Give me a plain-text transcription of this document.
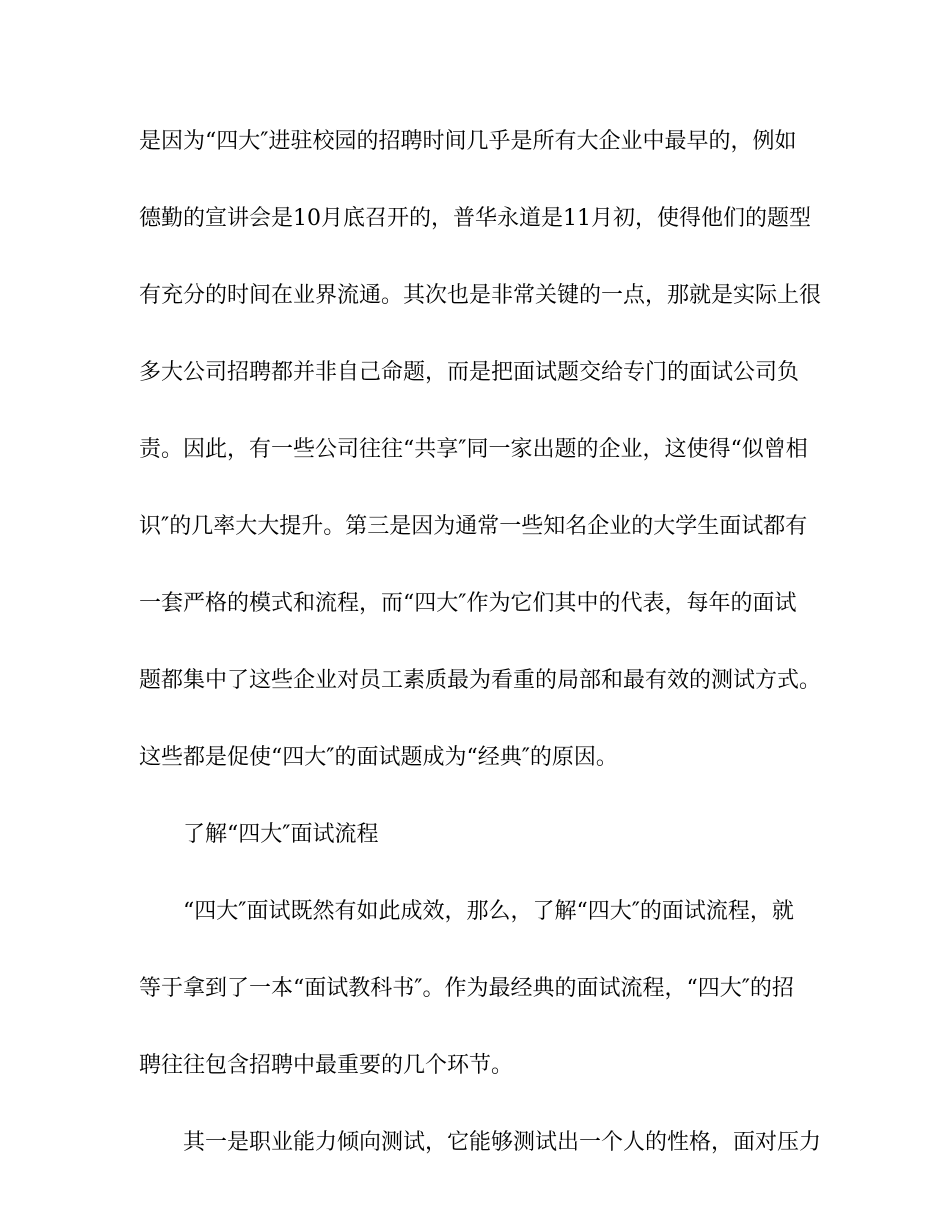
是因为“四大″进驻校园的招聘时间几乎是所有大企业中最早的，例如
德勤的宣讲会是10月底召开的，普华永道是11月初，使得他们的题型
有充分的时间在业界流通。其次也是非常关键的一点，那就是实际上很
多大公司招聘都并非自己命题，而是把面试题交给专门的面试公司负
责。因此，有一些公司往往“共享″同一家出题的企业，这使得“似曾相
识″的几率大大提升。第三是因为通常一些知名企业的大学生面试都有
一套严格的模式和流程，而“四大″作为它们其中的代表，每年的面试
题都集中了这些企业对员工素质最为看重的局部和最有效的测试方式。
这些都是促使“四大″的面试题成为“经典″的原因。
了解“四大″面试流程
“四大″面试既然有如此成效，那么，了解“四大″的面试流程，就
等于拿到了一本“面试教科书″。作为最经典的面试流程，“四大″的招
聘往往包含招聘中最重要的几个环节。
其一是职业能力倾向测试，它能够测试出一个人的性格，面对压力
